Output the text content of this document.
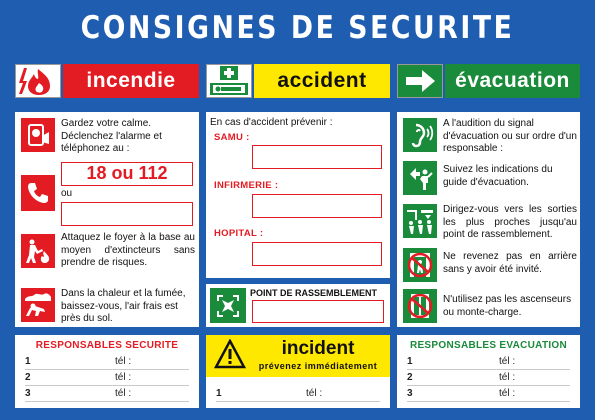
CONSIGNES DE SECURITE
incendie	accident	évacuation
Gardez votre calme. Déclenchez l'alarme et téléphonez au :
18 ou 112
ou
Attaquez le foyer à la base au moyen d'extincteurs sans prendre de risques.
Dans la chaleur et la fumée, baissez-vous, l'air frais est près du sol.
En cas d'accident prévenir :
SAMU :
INFIRMERIE :
HOPITAL :
POINT DE RASSEMBLEMENT
A l'audition du signal d'évacuation ou sur ordre d'un responsable :
Suivez les indications du guide d'évacuation.
Dirigez-vous vers les sorties les plus proches jusqu'au point de rassemblement.
Ne revenez pas en arrière sans y avoir été invité.
N'utilisez pas les ascenseurs ou monte-charge.
RESPONSABLES SECURITE
1	tél :
2	tél :
3	tél :
incident
prévenez immédiatement
1	tél :
RESPONSABLES EVACUATION
1	tél :
2	tél :
3	tél :
